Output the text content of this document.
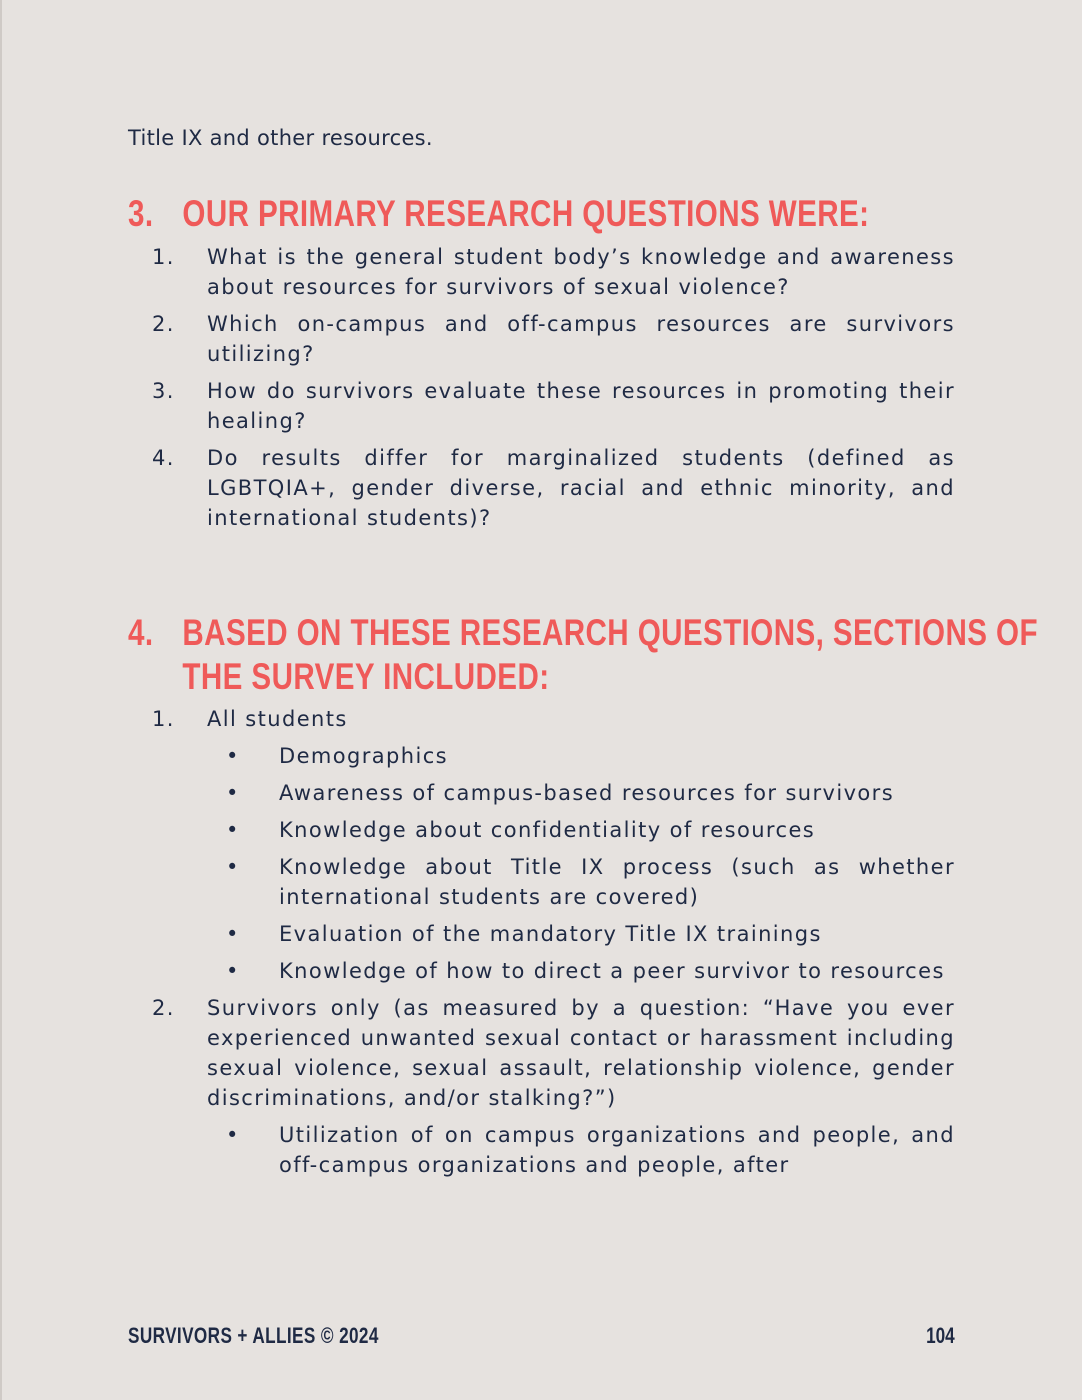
Title IX and other resources.
3. OUR PRIMARY RESEARCH QUESTIONS WERE:
1. What is the general student body’s knowledge and awareness about resources for survivors of sexual violence?
2. Which on-campus and off-campus resources are survivors utilizing?
3. How do survivors evaluate these resources in promoting their healing?
4. Do results differ for marginalized students (defined as LGBTQIA+, gender diverse, racial and ethnic minority, and international students)?
4. BASED ON THESE RESEARCH QUESTIONS, SECTIONS OF
THE SURVEY INCLUDED:
1. All students
• Demographics
• Awareness of campus-based resources for survivors
• Knowledge about confidentiality of resources
• Knowledge about Title IX process (such as whether international students are covered)
• Evaluation of the mandatory Title IX trainings
• Knowledge of how to direct a peer survivor to resources
2. Survivors only (as measured by a question: “Have you ever experienced unwanted sexual contact or harassment including sexual violence, sexual assault, relationship violence, gender discriminations, and/or stalking?”)
• Utilization of on campus organizations and people, and off-campus organizations and people, after
SURVIVORS + ALLIES © 2024	104
